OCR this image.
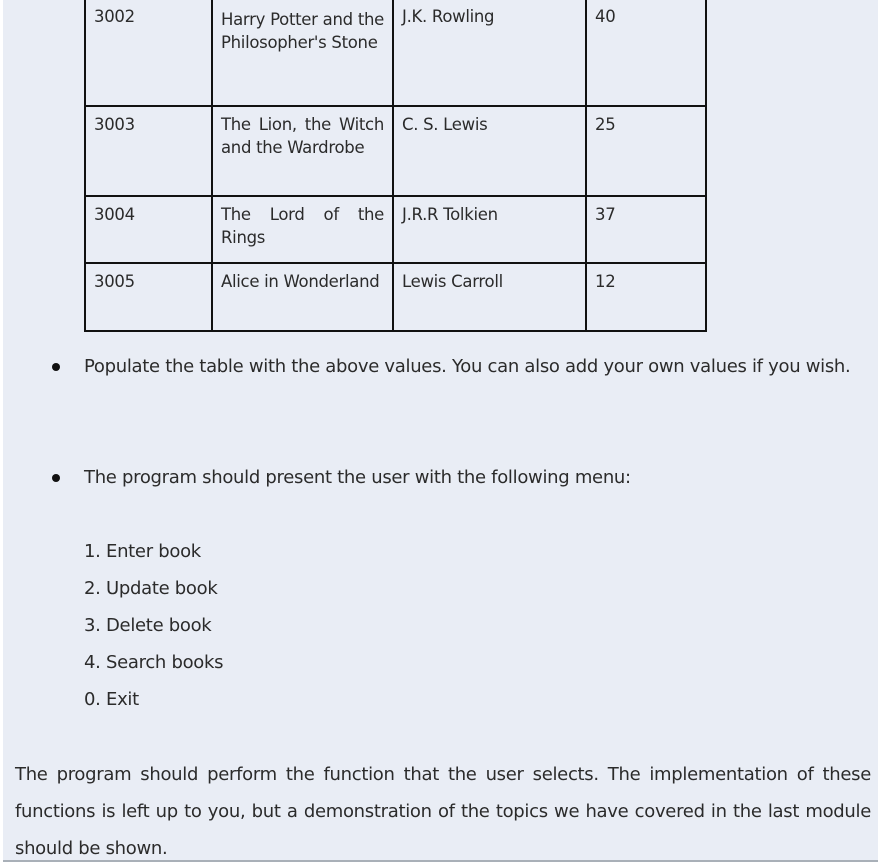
3002	Harry Potter and the Philosopher's Stone	J.K. Rowling	40
3003	The Lion, the Witch and the Wardrobe	C. S. Lewis	25
3004	The Lord of the Rings	J.R.R Tolkien	37
3005	Alice in Wonderland	Lewis Carroll	12
Populate the table with the above values. You can also add your own values if you wish.
The program should present the user with the following menu:
1. Enter book
2. Update book
3. Delete book
4. Search books
0. Exit
The program should perform the function that the user selects. The implementation of these functions is left up to you, but a demonstration of the topics we have covered in the last module should be shown.
